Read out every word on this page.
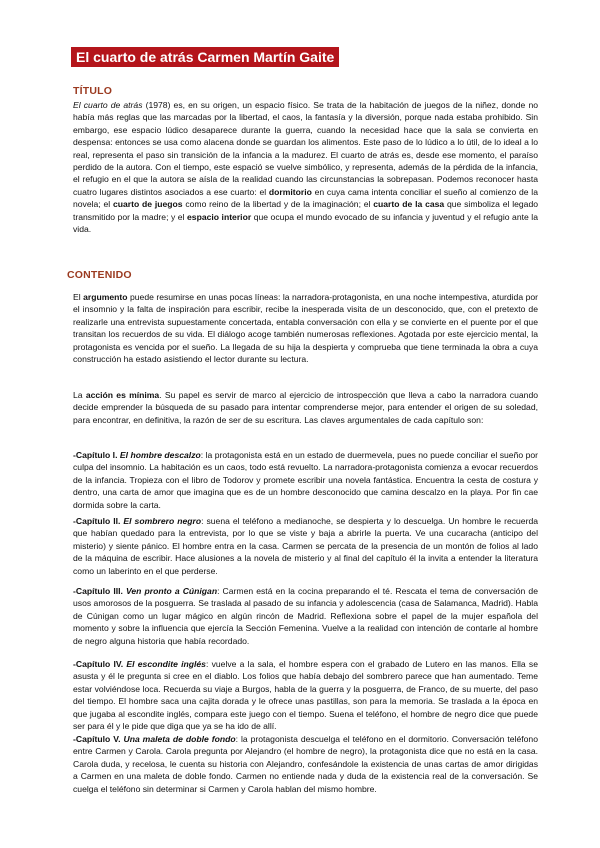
El cuarto de atrás Carmen Martín Gaite
TÍTULO

El cuarto de atrás (1978) es, en su origen, un espacio físico. Se trata de la habitación de juegos de la niñez, donde no había más reglas que las marcadas por la libertad, el caos, la fantasía y la diversión, porque nada estaba prohibido. Sin embargo, ese espacio lúdico desaparece durante la guerra, cuando la necesidad hace que la sala se convierta en despensa: entonces se usa como alacena donde se guardan los alimentos. Este paso de lo lúdico a lo útil, de lo ideal a lo real, representa el paso sin transición de la infancia a la madurez. El cuarto de atrás es, desde ese momento, el paraíso perdido de la autora. Con el tiempo, este espació se vuelve simbólico, y representa, además de la pérdida de la infancia, el refugio en el que la autora se aísla de la realidad cuando las circunstancias la sobrepasan. Podemos reconocer hasta cuatro lugares distintos asociados a ese cuarto: el dormitorio en cuya cama intenta conciliar el sueño al comienzo de la novela; el cuarto de juegos como reino de la libertad y de la imaginación; el cuarto de la casa que simboliza el legado transmitido por la madre; y el espacio interior que ocupa el mundo evocado de su infancia y juventud y el refugio ante la vida.

CONTENIDO

El argumento puede resumirse en unas pocas líneas: la narradora-protagonista, en una noche intempestiva, aturdida por el insomnio y la falta de inspiración para escribir, recibe la inesperada visita de un desconocido, que, con el pretexto de realizarle una entrevista supuestamente concertada, entabla conversación con ella y se convierte en el puente por el que transitan los recuerdos de su vida. El diálogo acoge también numerosas reflexiones. Agotada por este ejercicio mental, la protagonista es vencida por el sueño. La llegada de su hija la despierta y comprueba que tiene terminada la obra a cuya construcción ha estado asistiendo el lector durante su lectura.

La acción es mínima. Su papel es servir de marco al ejercicio de introspección que lleva a cabo la narradora cuando decide emprender la búsqueda de su pasado para intentar comprenderse mejor, para entender el origen de su soledad, para encontrar, en definitiva, la razón de ser de su escritura. Las claves argumentales de cada capítulo son:

-Capítulo I. El hombre descalzo: la protagonista está en un estado de duermevela, pues no puede conciliar el sueño por culpa del insomnio. La habitación es un caos, todo está revuelto. La narradora-protagonista comienza a evocar recuerdos de la infancia. Tropieza con el libro de Todorov y promete escribir una novela fantástica. Encuentra la cesta de costura y dentro, una carta de amor que imagina que es de un hombre desconocido que camina descalzo en la playa. Por fin cae dormida sobre la carta.

-Capítulo II. El sombrero negro: suena el teléfono a medianoche, se despierta y lo descuelga. Un hombre le recuerda que habían quedado para la entrevista, por lo que se viste y baja a abrirle la puerta. Ve una cucaracha (anticipo del misterio) y siente pánico. El hombre entra en la casa. Carmen se percata de la presencia de un montón de folios al lado de la máquina de escribir. Hace alusiones a la novela de misterio y al final del capítulo él la invita a entender la literatura como un laberinto en el que perderse.

-Capítulo III. Ven pronto a Cúnigan: Carmen está en la cocina preparando el té. Rescata el tema de conversación de usos amorosos de la posguerra. Se traslada al pasado de su infancia y adolescencia (casa de Salamanca, Madrid). Habla de Cúnigan como un lugar mágico en algún rincón de Madrid. Reflexiona sobre el papel de la mujer española del momento y sobre la influencia que ejercía la Sección Femenina. Vuelve a la realidad con intención de contarle al hombre de negro alguna historia que había recordado.

-Capítulo IV. El escondite inglés: vuelve a la sala, el hombre espera con el grabado de Lutero en las manos. Ella se asusta y él le pregunta si cree en el diablo. Los folios que había debajo del sombrero parece que han aumentado. Teme estar volviéndose loca. Recuerda su viaje a Burgos, habla de la guerra y la posguerra, de Franco, de su muerte, del paso del tiempo. El hombre saca una cajita dorada y le ofrece unas pastillas, son para la memoria. Se traslada a la época en que jugaba al escondite inglés, compara este juego con el tiempo. Suena el teléfono, el hombre de negro dice que puede ser para él y le pide que diga que ya se ha ido de allí.

-Capítulo V. Una maleta de doble fondo: la protagonista descuelga el teléfono en el dormitorio. Conversación teléfono entre Carmen y Carola. Carola pregunta por Alejandro (el hombre de negro), la protagonista dice que no está en la casa. Carola duda, y recelosa, le cuenta su historia con Alejandro, confesándole la existencia de unas cartas de amor dirigidas a Carmen en una maleta de doble fondo. Carmen no entiende nada y duda de la existencia real de la conversación. Se cuelga el teléfono sin determinar si Carmen y Carola hablan del mismo hombre.
